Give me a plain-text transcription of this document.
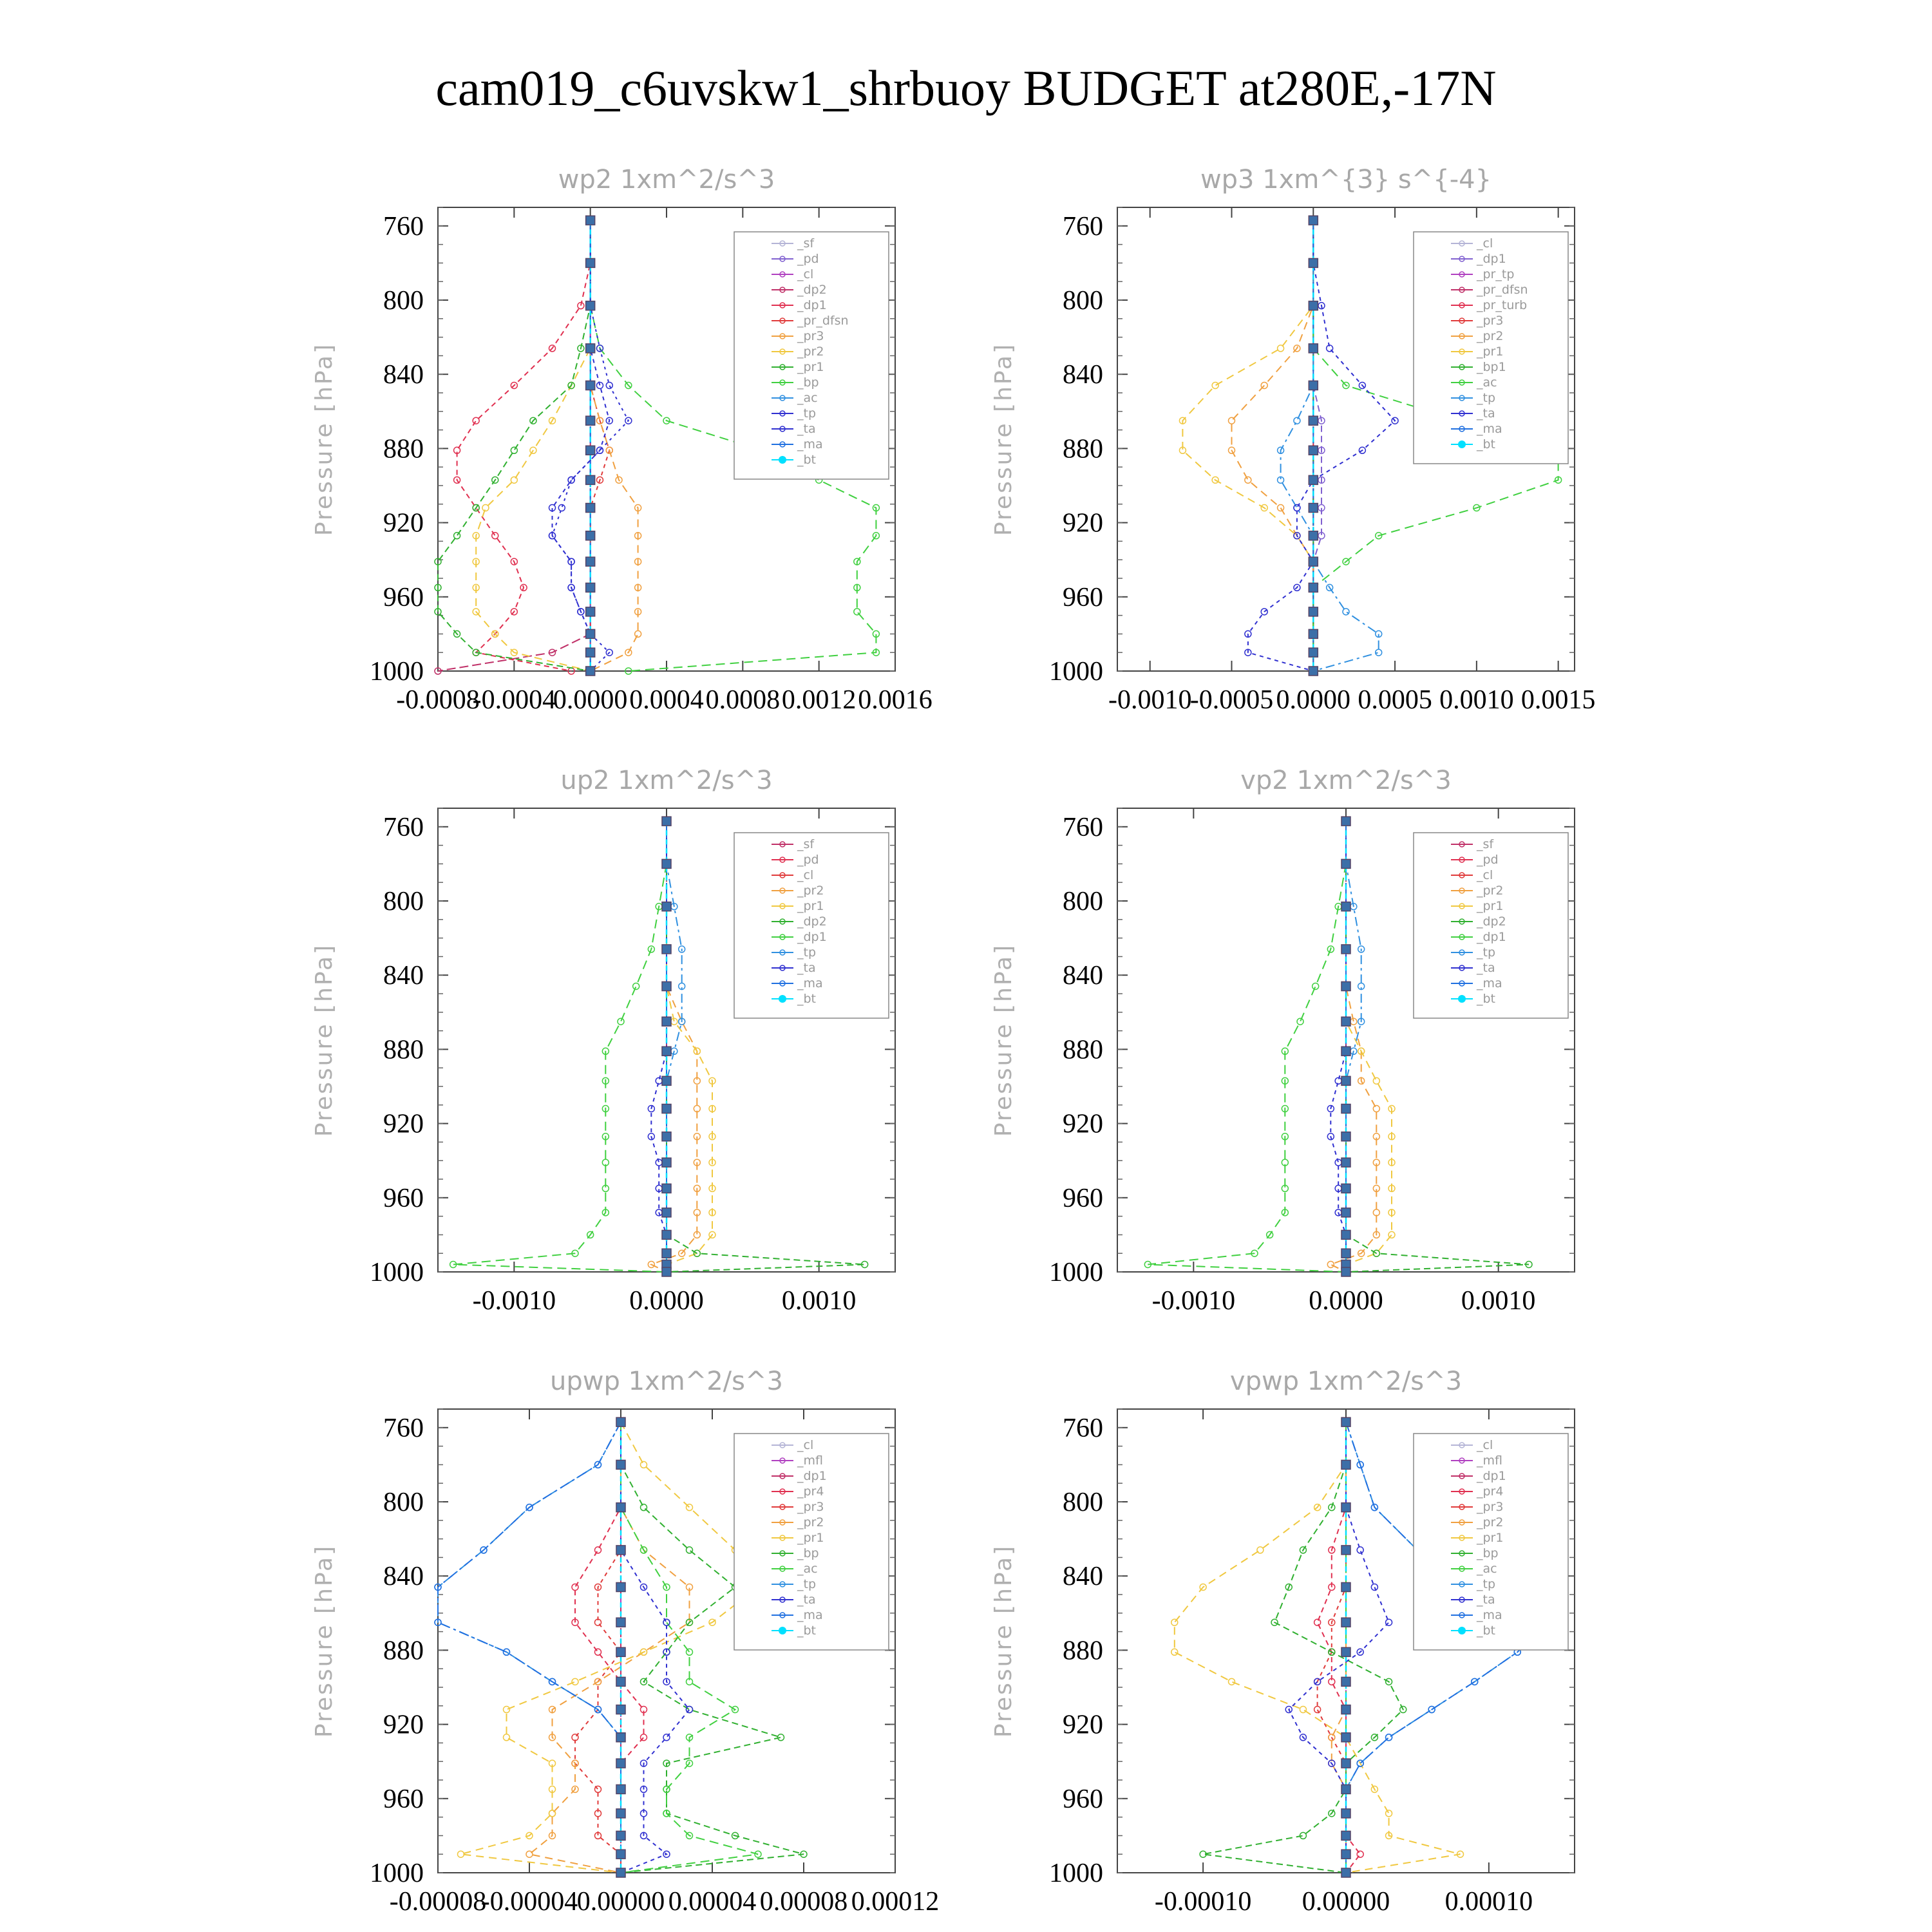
cam019_c6uvskw1_shrbuoy BUDGET at280E,-17N
wp2 1xm^2/s^3
Pressure [hPa]
760
800
840
880
920
960
1000
-0.0008
-0.0004
0.0000 0.0004 0.0008 0.0012 0.0016
_sf
_pd
_cl
_dp2
_dp1
_pr_dfsn
_pr3
_pr2
_pr1
_bp
_ac
_tp
_ta
_ma
_bt
wp3 1xm^{3} s^{-4}
Pressure [hPa]
760
800
840
880
920
960
1000
-0.0010
-0.0005 0.0000 0.0005 0.0010 0.0015
_cl
_dp1
_pr_tp
_pr_dfsn
_pr_turb
_pr3
_pr2
_pr1
_bp1
_ac
_tp
_ta
_ma
_bt
up2 1xm^2/s^3
Pressure [hPa]
760
800
840
880
920
960
1000
-0.0010	0.0000	0.0010
_sf
_pd
_cl
_pr2
_pr1
_dp2
_dp1
_tp
_ta
_ma
_bt
vp2 1xm^2/s^3
Pressure [hPa]
760
800
840
880
920
960
1000
-0.0010	0.0000	0.0010
_sf
_pd
_cl
_pr2
_pr1
_dp2
_dp1
_tp
_ta
_ma
_bt
upwp 1xm^2/s^3
Pressure [hPa]
760
800
840
880
920
960
1000
-0.00008
-0.00004
0.00000 0.00004 0.00008 0.00012
_cl
_mfl
_dp1
_pr4
_pr3
_pr2
_pr1
_bp
_ac
_tp
_ta
_ma
_bt
vpwp 1xm^2/s^3
Pressure [hPa]
760
800
840
880
920
960
1000
-0.00010 0.00000 0.00010
_cl
_mfl
_dp1
_pr4
_pr3
_pr2
_pr1
_bp
_ac
_tp
_ta
_ma
_bt
